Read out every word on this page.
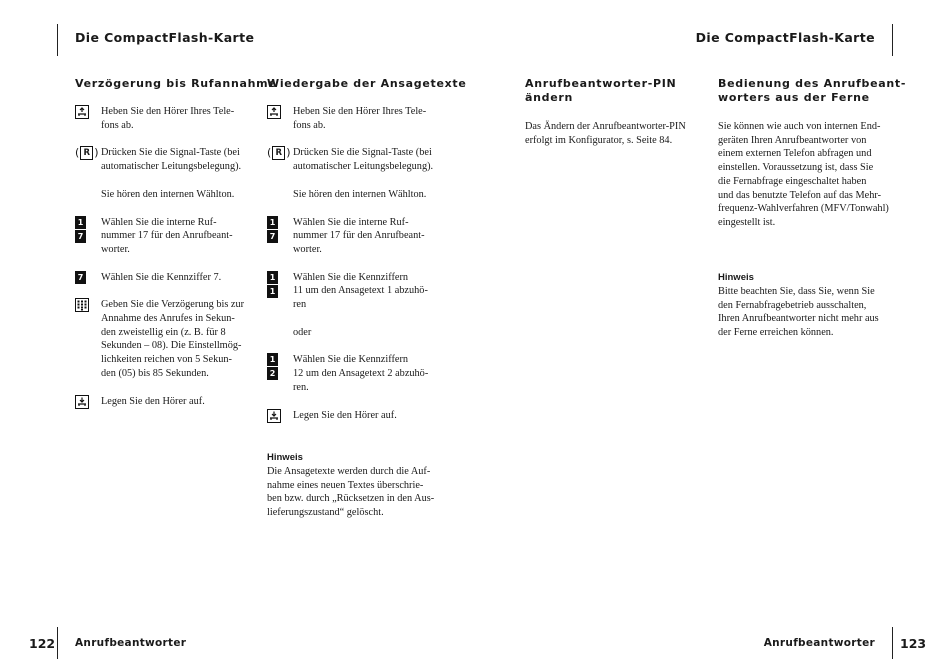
Die CompactFlash-Karte	Die CompactFlash-Karte
122 Anrufbeantworter	Anrufbeantworter 123
Verzögerung bis Rufannahme
Heben Sie den Hörer Ihres Tele-
fons ab.
( R ) Drücken Sie die Signal-Taste (bei
automatischer Leitungsbelegung).
Sie hören den internen Wählton.
1
7
Wählen Sie die interne Ruf-
nummer 17 für den Anrufbeant-
worter.
7	Wählen Sie die Kennziffer 7.
Geben Sie die Verzögerung bis zur
Annahme des Anrufes in Sekun-
den zweistellig ein (z. B. für 8
Sekunden – 08). Die Einstellmög-
lichkeiten reichen von 5 Sekun-
den (05) bis 85 Sekunden.
Legen Sie den Hörer auf.
Wiedergabe der Ansagetexte
Heben Sie den Hörer Ihres Tele-
fons ab.
( R ) Drücken Sie die Signal-Taste (bei
automatischer Leitungsbelegung).
Sie hören den internen Wählton.
1
7
Wählen Sie die interne Ruf-
nummer 17 für den Anrufbeant-
worter.
1
1
Wählen Sie die Kennziffern
11 um den Ansagetext 1 abzuhö-
ren
oder
1
2
Wählen Sie die Kennziffern
12 um den Ansagetext 2 abzuhö-
ren.
Legen Sie den Hörer auf.
Hinweis
Die Ansagetexte werden durch die Auf-
nahme eines neuen Textes überschrie-
ben bzw. durch „Rücksetzen in den Aus-
lieferungszustand“ gelöscht.
Anrufbeantworter-PIN
ändern
Das Ändern der Anrufbeantworter-PIN
erfolgt im Konfigurator, s. Seite 84.
Bedienung des Anrufbeant-
worters aus der Ferne
Sie können wie auch von internen End-
geräten Ihren Anrufbeantworter von
einem externen Telefon abfragen und
einstellen. Voraussetzung ist, dass Sie
die Fernabfrage eingeschaltet haben
und das benutzte Telefon auf das Mehr-
frequenz-Wahlverfahren (MFV/Tonwahl)
eingestellt ist.
Hinweis
Bitte beachten Sie, dass Sie, wenn Sie
den Fernabfragebetrieb ausschalten,
Ihren Anrufbeantworter nicht mehr aus
der Ferne erreichen können.
